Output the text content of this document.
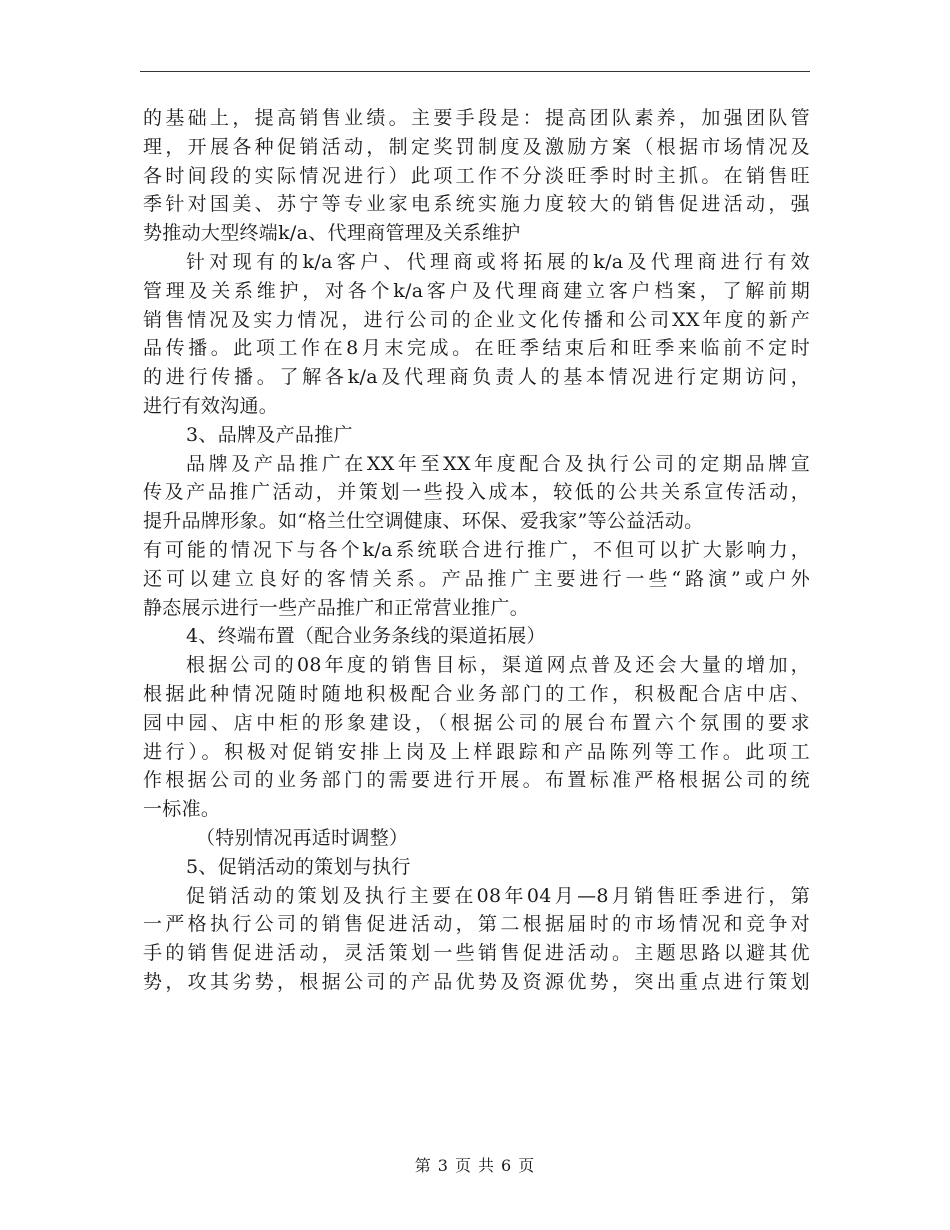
的基础上，提高销售业绩。主要手段是：提高团队素养，加强团队管
理，开展各种促销活动，制定奖罚制度及激励方案（根据市场情况及
各时间段的实际情况进行）此项工作不分淡旺季时时主抓。在销售旺
季针对国美、苏宁等专业家电系统实施力度较大的销售促进活动，强
势推动大型终端k/a、代理商管理及关系维护
针对现有的k/a客户、代理商或将拓展的k/a及代理商进行有效
管理及关系维护，对各个k/a客户及代理商建立客户档案，了解前期
销售情况及实力情况，进行公司的企业文化传播和公司XX年度的新产
品传播。此项工作在8月末完成。在旺季结束后和旺季来临前不定时
的进行传播。了解各k/a及代理商负责人的基本情况进行定期访问，
进行有效沟通。
3、品牌及产品推广
品牌及产品推广在XX年至XX年度配合及执行公司的定期品牌宣
传及产品推广活动，并策划一些投入成本，较低的公共关系宣传活动，
提升品牌形象。如“格兰仕空调健康、环保、爱我家”等公益活动。
有可能的情况下与各个k/a系统联合进行推广，不但可以扩大影响力，
还可以建立良好的客情关系。产品推广主要进行一些“路演”或户外
静态展示进行一些产品推广和正常营业推广。
4、终端布置（配合业务条线的渠道拓展）
根据公司的08年度的销售目标，渠道网点普及还会大量的增加，
根据此种情况随时随地积极配合业务部门的工作，积极配合店中店、
园中园、店中柜的形象建设，（根据公司的展台布置六个氛围的要求
进行）。积极对促销安排上岗及上样跟踪和产品陈列等工作。此项工
作根据公司的业务部门的需要进行开展。布置标准严格根据公司的统
一标准。
（特别情况再适时调整）
5、促销活动的策划与执行
促销活动的策划及执行主要在08年04月—8月销售旺季进行，第
一严格执行公司的销售促进活动，第二根据届时的市场情况和竞争对
手的销售促进活动，灵活策划一些销售促进活动。主题思路以避其优
势，攻其劣势，根据公司的产品优势及资源优势，突出重点进行策划
第 3 页 共 6 页
